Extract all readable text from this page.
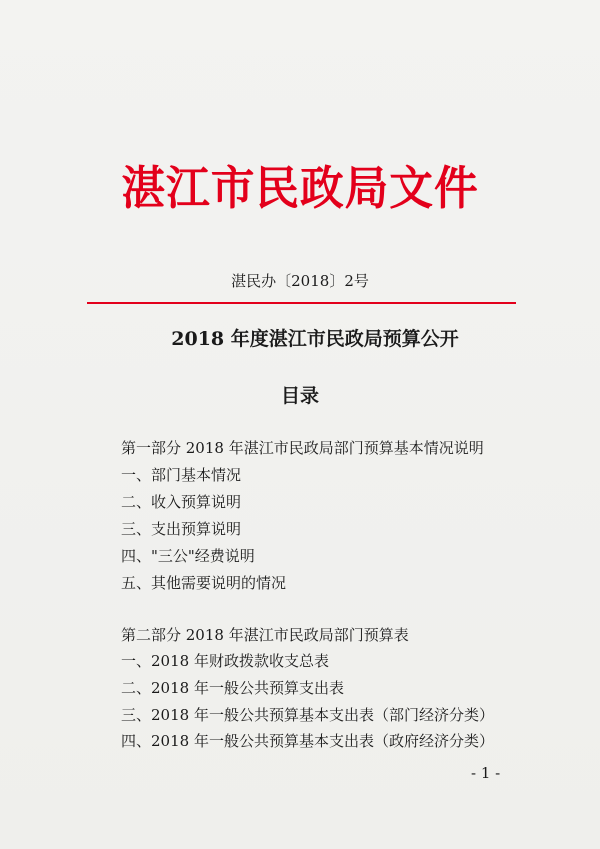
湛江市民政局文件
湛民办〔2018〕2号
2018 年度湛江市民政局预算公开
目录
第一部分 2018 年湛江市民政局部门预算基本情况说明
一、部门基本情况
二、收入预算说明
三、支出预算说明
四、"三公"经费说明
五、其他需要说明的情况
第二部分 2018 年湛江市民政局部门预算表
一、2018 年财政拨款收支总表
二、2018 年一般公共预算支出表
三、2018 年一般公共预算基本支出表（部门经济分类）
四、2018 年一般公共预算基本支出表（政府经济分类）
- 1 -
